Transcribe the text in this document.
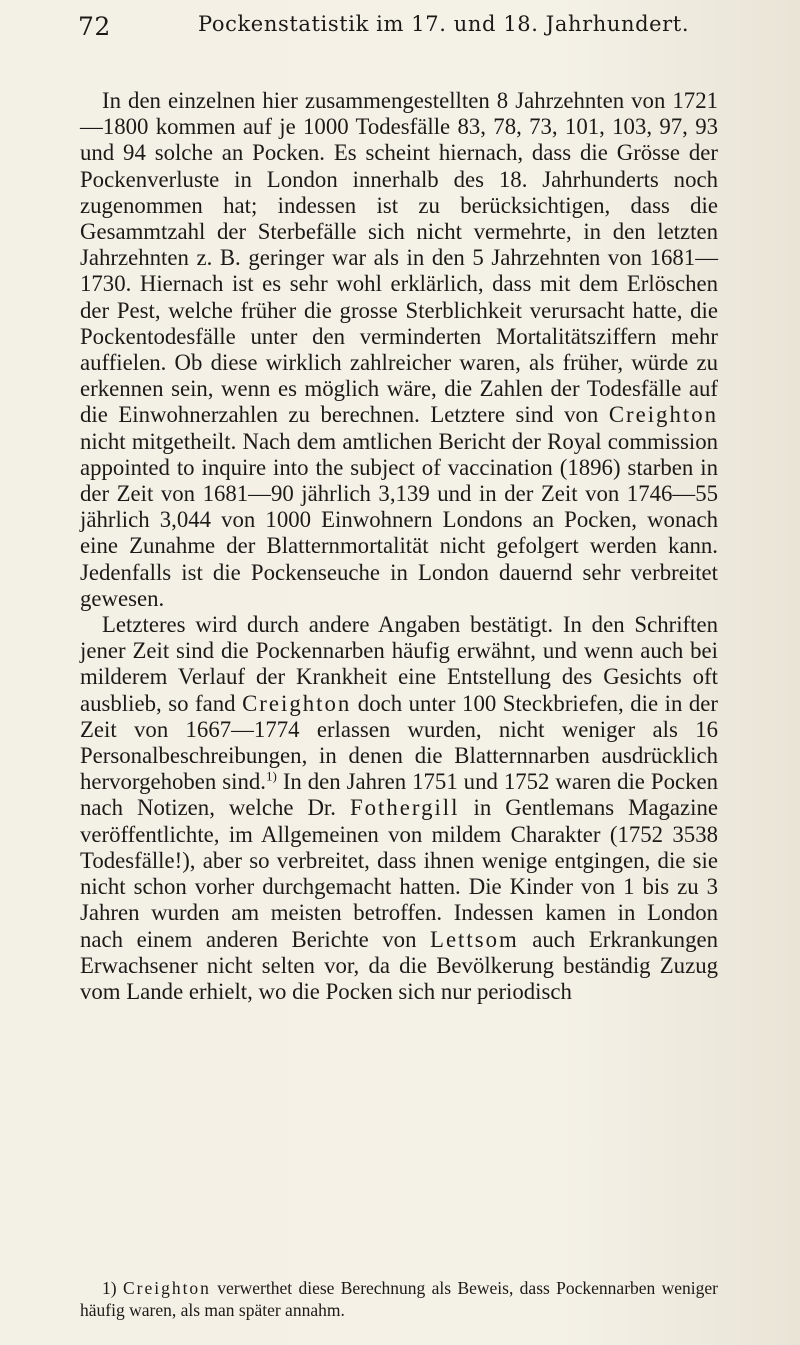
72	Pockenstatistik im 17. und 18. Jahrhundert.

In den einzelnen hier zusammengestellten 8 Jahrzehnten von 1721—1800 kommen auf je 1000 Todesfälle 83, 78, 73, 101, 103, 97, 93 und 94 solche an Pocken. Es scheint hiernach, dass die Grösse der Pockenverluste in London innerhalb des 18. Jahrhunderts noch zugenommen hat; indessen ist zu berücksichtigen, dass die Gesammtzahl der Sterbefälle sich nicht vermehrte, in den letzten Jahrzehnten z. B. geringer war als in den 5 Jahrzehnten von 1681—1730. Hiernach ist es sehr wohl erklärlich, dass mit dem Erlöschen der Pest, welche früher die grosse Sterblichkeit verursacht hatte, die Pockentodesfälle unter den verminderten Mortalitätsziffern mehr auffielen. Ob diese wirklich zahlreicher waren, als früher, würde zu erkennen sein, wenn es möglich wäre, die Zahlen der Todesfälle auf die Einwohnerzahlen zu berechnen. Letztere sind von Creighton nicht mitgetheilt. Nach dem amtlichen Bericht der Royal commission appointed to inquire into the subject of vaccination (1896) starben in der Zeit von 1681—90 jährlich 3,139 und in der Zeit von 1746—55 jährlich 3,044 von 1000 Einwohnern Londons an Pocken, wonach eine Zunahme der Blatternmortalität nicht gefolgert werden kann. Jedenfalls ist die Pockenseuche in London dauernd sehr verbreitet gewesen.

Letzteres wird durch andere Angaben bestätigt. In den Schriften jener Zeit sind die Pockennarben häufig erwähnt, und wenn auch bei milderem Verlauf der Krankheit eine Entstellung des Gesichts oft ausblieb, so fand Creighton doch unter 100 Steckbriefen, die in der Zeit von 1667—1774 erlassen wurden, nicht weniger als 16 Personalbeschreibungen, in denen die Blatternnarben ausdrücklich hervorgehoben sind.$^{1)}$ In den Jahren 1751 und 1752 waren die Pocken nach Notizen, welche Dr. Fothergill in Gentlemans Magazine veröffentlichte, im Allgemeinen von mildem Charakter (1752 3538 Todesfälle!), aber so verbreitet, dass ihnen wenige entgingen, die sie nicht schon vorher durchgemacht hatten. Die Kinder von 1 bis zu 3 Jahren wurden am meisten betroffen. Indessen kamen in London nach einem anderen Berichte von Lettsom auch Erkrankungen Erwachsener nicht selten vor, da die Bevölkerung beständig Zuzug vom Lande erhielt, wo die Pocken sich nur periodisch

1) Creighton verwerthet diese Berechnung als Beweis, dass Pockennarben weniger häufig waren, als man später annahm.
